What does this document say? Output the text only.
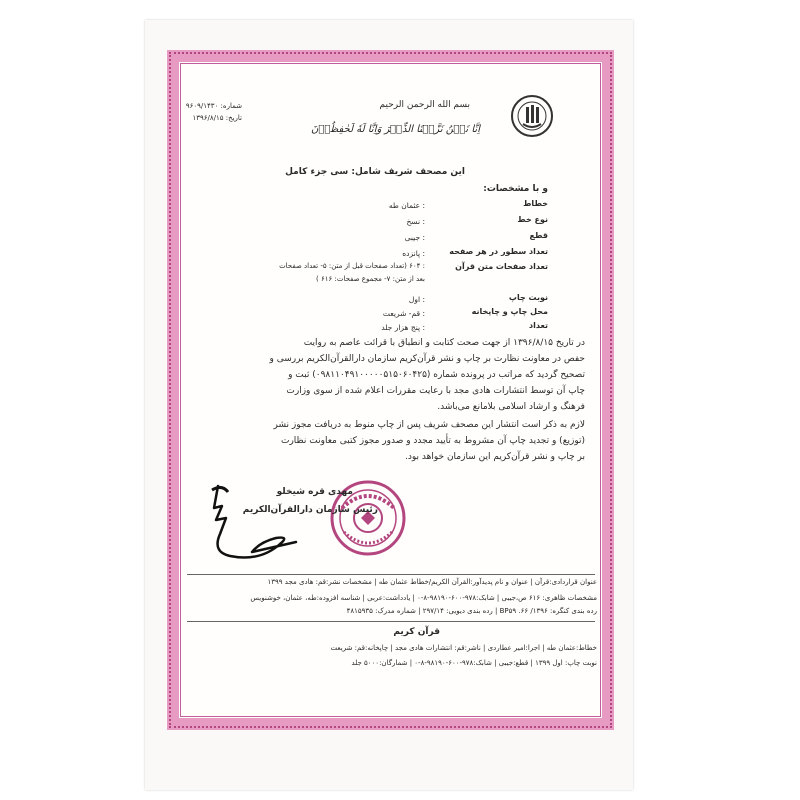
بسم الله الرحمن الرحیم
اِنَّا نَحۡنُ نَزَّلۡنَا الذِّکۡرَ وَاِنَّا لَهٗ لَحٰفِظُوۡنَ
شماره: ۹۶۰۹/۱۴۳۰
تاریخ: ۱۳۹۶/۸/۱۵
این مصحف شریف شامل: سی جزء کامل
و با مشخصات:
خطاط
: عثمان طه
نوع خط
: نسخ
قطع
: جیبی
تعداد سطور در هر صفحه
: پانزده
تعداد صفحات متن قرآن
: ۶۰۴ (تعداد صفحات قبل از متن: ۵- تعداد صفحات
بعد از متن: ۷- مجموع صفحات: ۶۱۶ )
نوبت چاپ
: اول
محل چاپ و چاپخانه
: قم- شریعت
تعداد
: پنج هزار جلد
در تاریخ ۱۳۹۶/۸/۱۵ از جهت صحت کتابت و انطباق با قرائت عاصم به روایت
حفص در معاونت نظارت بر چاپ و نشر قرآن‌کریم سازمان دارالقرآن‌الکریم بررسی و
تصحیح گردید که مراتب در پرونده شماره (۰۹۸۱۱۰۴۹۱۰۰۰۰۰۵۱۵۰۶۰۴۲۵) ثبت و
چاپ آن توسط انتشارات هادی مجد با رعایت مقررات اعلام شده از سوی وزارت
فرهنگ و ارشاد اسلامی بلامانع می‌باشد.
لازم به ذکر است انتشار این مصحف شریف پس از چاپ منوط به دریافت مجوز نشر
(توزیع) و تجدید چاپ آن مشروط به تأیید مجدد و صدور مجوز کتبی معاونت نظارت
بر چاپ و نشر قرآن‌کریم این سازمان خواهد بود.
مهدی قره شیخلو
رئیس سازمان دارالقرآن‌الکریم
عنوان قراردادی:قرآن | عنوان و نام پدیدآور:القرآن الکریم/خطاط عثمان طه | مشخصات نشر:قم: هادی مجد ۱۳۹۹
مشخصات ظاهری: ۶۱۶ ص،جیبی | شابک:۹۷۸-۶۰۰-۹۸۱۹۰-۸-۰ | یادداشت:عربی | شناسه افزوده:طه، عثمان، خوشنویس
رده بندی کنگره: BP۵۹ .۶۶ /۱۳۹۶ | رده بندی دیویی: ۲۹۷/۱۴ | شماره مدرک: ۴۸۱۵۹۳۵
قرآن کریم
خطاط:عثمان طه | اجرا:امیر عطاردی | ناشر:قم: انتشارات هادی مجد | چاپخانه:قم: شریعت
نوبت چاپ: اول ۱۳۹۹ | قطع:جیبی | شابک:۹۷۸-۶۰۰-۹۸۱۹۰-۸-۰ | شمارگان:۵۰۰۰ جلد
